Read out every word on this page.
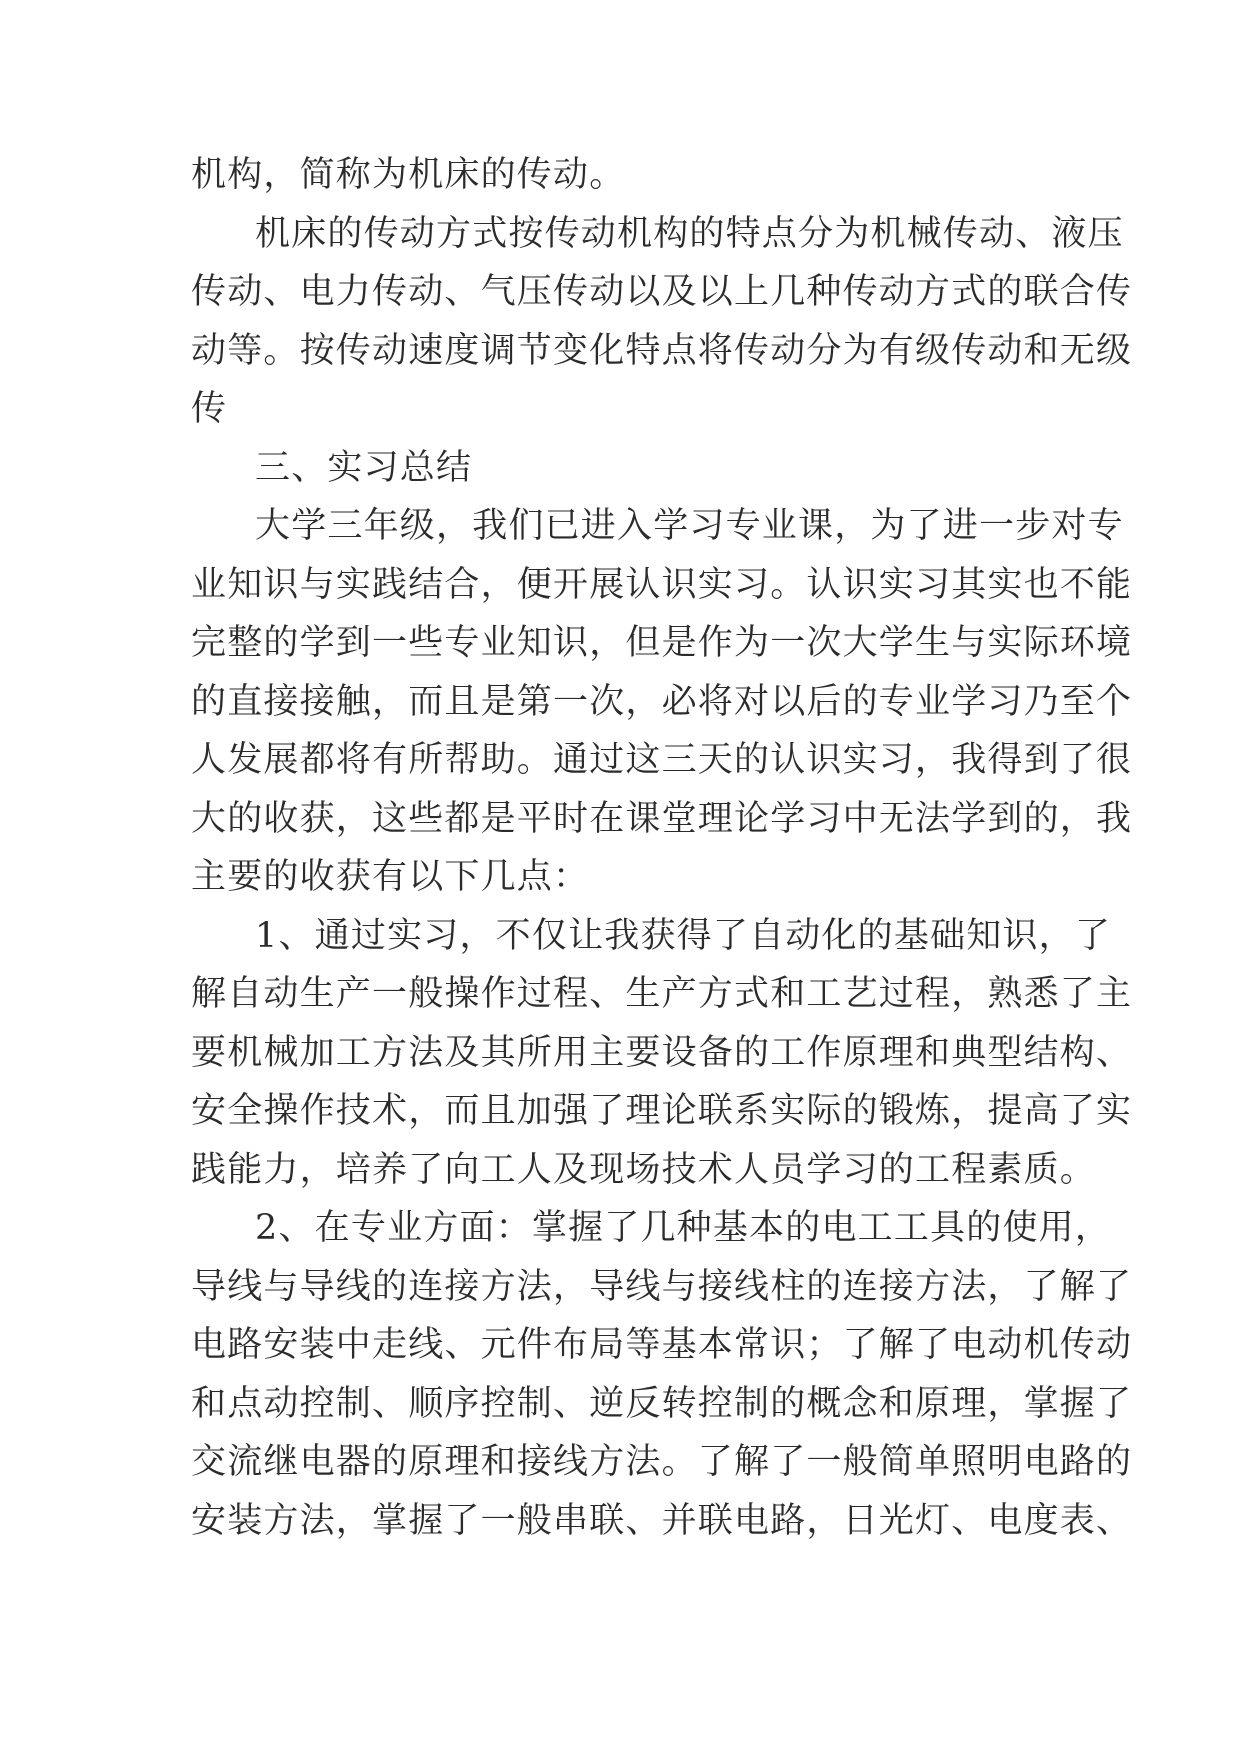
机构，简称为机床的传动。
机床的传动方式按传动机构的特点分为机械传动、液压
传动、电力传动、气压传动以及以上几种传动方式的联合传
动等。按传动速度调节变化特点将传动分为有级传动和无级
传
三、实习总结
大学三年级，我们已进入学习专业课，为了进一步对专
业知识与实践结合，便开展认识实习。认识实习其实也不能
完整的学到一些专业知识，但是作为一次大学生与实际环境
的直接接触，而且是第一次，必将对以后的专业学习乃至个
人发展都将有所帮助。通过这三天的认识实习，我得到了很
大的收获，这些都是平时在课堂理论学习中无法学到的，我
主要的收获有以下几点：
1、通过实习，不仅让我获得了自动化的基础知识，了
解自动生产一般操作过程、生产方式和工艺过程，熟悉了主
要机械加工方法及其所用主要设备的工作原理和典型结构、
安全操作技术，而且加强了理论联系实际的锻炼，提高了实
践能力，培养了向工人及现场技术人员学习的工程素质。
2、在专业方面：掌握了几种基本的电工工具的使用，
导线与导线的连接方法，导线与接线柱的连接方法，了解了
电路安装中走线、元件布局等基本常识；了解了电动机传动
和点动控制、顺序控制、逆反转控制的概念和原理，掌握了
交流继电器的原理和接线方法。了解了一般简单照明电路的
安装方法，掌握了一般串联、并联电路，日光灯、电度表、
